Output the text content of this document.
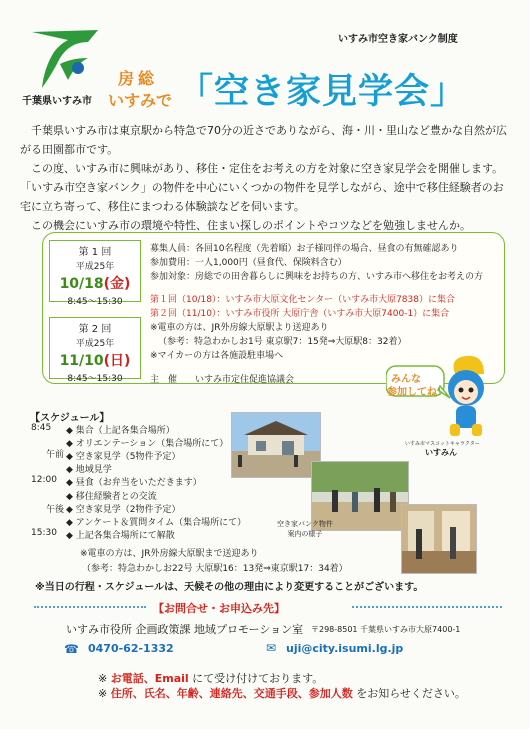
千葉県いすみ市
いすみ市空き家バンク制度
房総
いすみで 「空き家見学会」
千葉県いすみ市は東京駅から特急で70分の近さでありながら、海・川・里山など豊かな自然が広がる田園都市です。
この度、いすみ市に興味があり、移住・定住をお考えの方を対象に空き家見学会を開催します。
「いすみ市空き家バンク」の物件を中心にいくつかの物件を見学しながら、途中で移住経験者のお宅に立ち寄って、移住にまつわる体験談などを伺います。
この機会にいすみ市の環境や特性、住まい探しのポイントやコツなどを勉強しませんか。
第 1 回
平成25年
10/18(金)
8:45～15:30
第 2 回
平成25年
11/10(日)
8:45～15:30
募集人員：各回10名程度（先着順）お子様同伴の場合、昼食の有無確認あり
参加費用：一人1,000円（昼食代、保険料含む）
参加対象：房総での田舎暮らしに興味をお持ちの方、いすみ市へ移住をお考えの方
第１回（10/18）：いすみ市大原文化センター（いすみ市大原7838）に集合
第２回（11/10）：いすみ市役所 大原庁舎（いすみ市大原7400-1）に集合
※電車の方は、JR外房線大原駅より送迎あり
（参考：特急わかしお1号 東京駅7：15発⇒大原駅8：32着）
※マイカーの方は各施設駐車場へ
主　催　　いすみ市定住促進協議会	みんな
参加してね！
いすみ市マスコットキャラクター
いすみん
【スケジュール】
8:45 ◆ 集合（上記各集合場所）
午前
◆ オリエンテーション（集合場所にて）
◆ 空き家見学（5物件予定）
◆ 地域見学
12:00 ◆ 昼食（お弁当をいただきます）
午後
◆ 移住経験者との交流
◆ 空き家見学（2物件予定）
◆ アンケート＆質問タイム（集合場所にて）
15:30 ◆ 上記各集合場所にて解散
※電車の方は、JR外房線大原駅まで送迎あり
（参考：特急わかしお22号 大原駅16：13発⇒東京駅17：34着）
空き家バンク物件
案内の様子
※当日の行程・スケジュールは、天候その他の理由により変更することがございます。
【お問合せ・お申込み先】
いすみ市役所 企画政策課 地域プロモーション室 〒298-8501 千葉県いすみ市大原7400-1
☎ 0470-62-1332	✉ uji@city.isumi.lg.jp
※ お電話、Email にて受け付けております。
※ 住所、氏名、年齢、連絡先、交通手段、参加人数 をお知らせください。
